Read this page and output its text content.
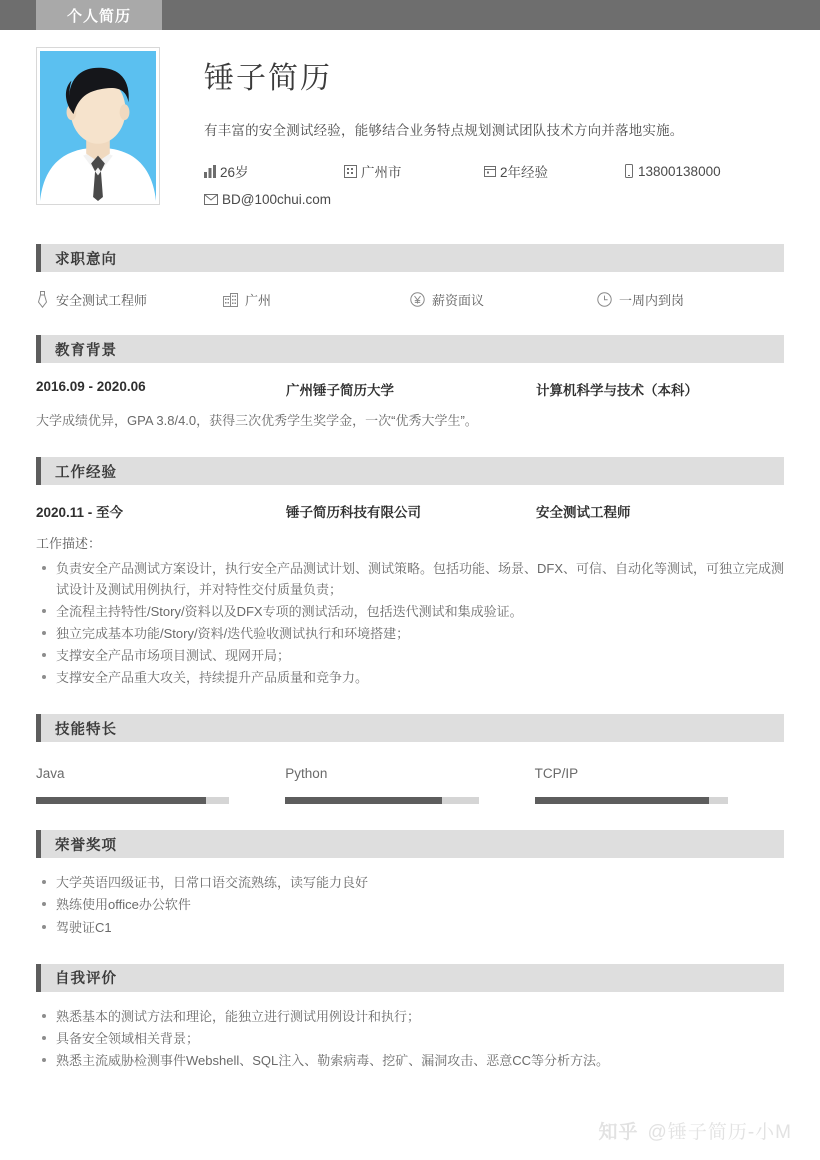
个人简历
锤子简历
有丰富的安全测试经验，能够结合业务特点规划测试团队技术方向并落地实施。
26岁	广州市	2年经验	13800138000
BD@100chui.com
求职意向
安全测试工程师	广州	薪资面议	一周内到岗
教育背景
2016.09 - 2020.06	广州锤子简历大学	计算机科学与技术（本科）
大学成绩优异，GPA 3.8/4.0，获得三次优秀学生奖学金，一次“优秀大学生”。
工作经验
2020.11 - 至今	锤子简历科技有限公司	安全测试工程师
工作描述：
负责安全产品测试方案设计，执行安全产品测试计划、测试策略。包括功能、场景、DFX、可信、自动化等测试，可独立完成测试设计及测试用例执行，并对特性交付质量负责；
全流程主持特性/Story/资料以及DFX专项的测试活动，包括迭代测试和集成验证。
独立完成基本功能/Story/资料/迭代验收测试执行和环境搭建；
支撑安全产品市场项目测试、现网开局；
支撑安全产品重大攻关，持续提升产品质量和竞争力。
技能特长
Java	Python	TCP/IP
荣誉奖项
大学英语四级证书，日常口语交流熟练，读写能力良好
熟练使用office办公软件
驾驶证C1
自我评价
熟悉基本的测试方法和理论，能独立进行测试用例设计和执行；
具备安全领域相关背景；
熟悉主流威胁检测事件Webshell、SQL注入、勒索病毒、挖矿、漏洞攻击、恶意CC等分析方法。
知乎 @锤子简历-小M
